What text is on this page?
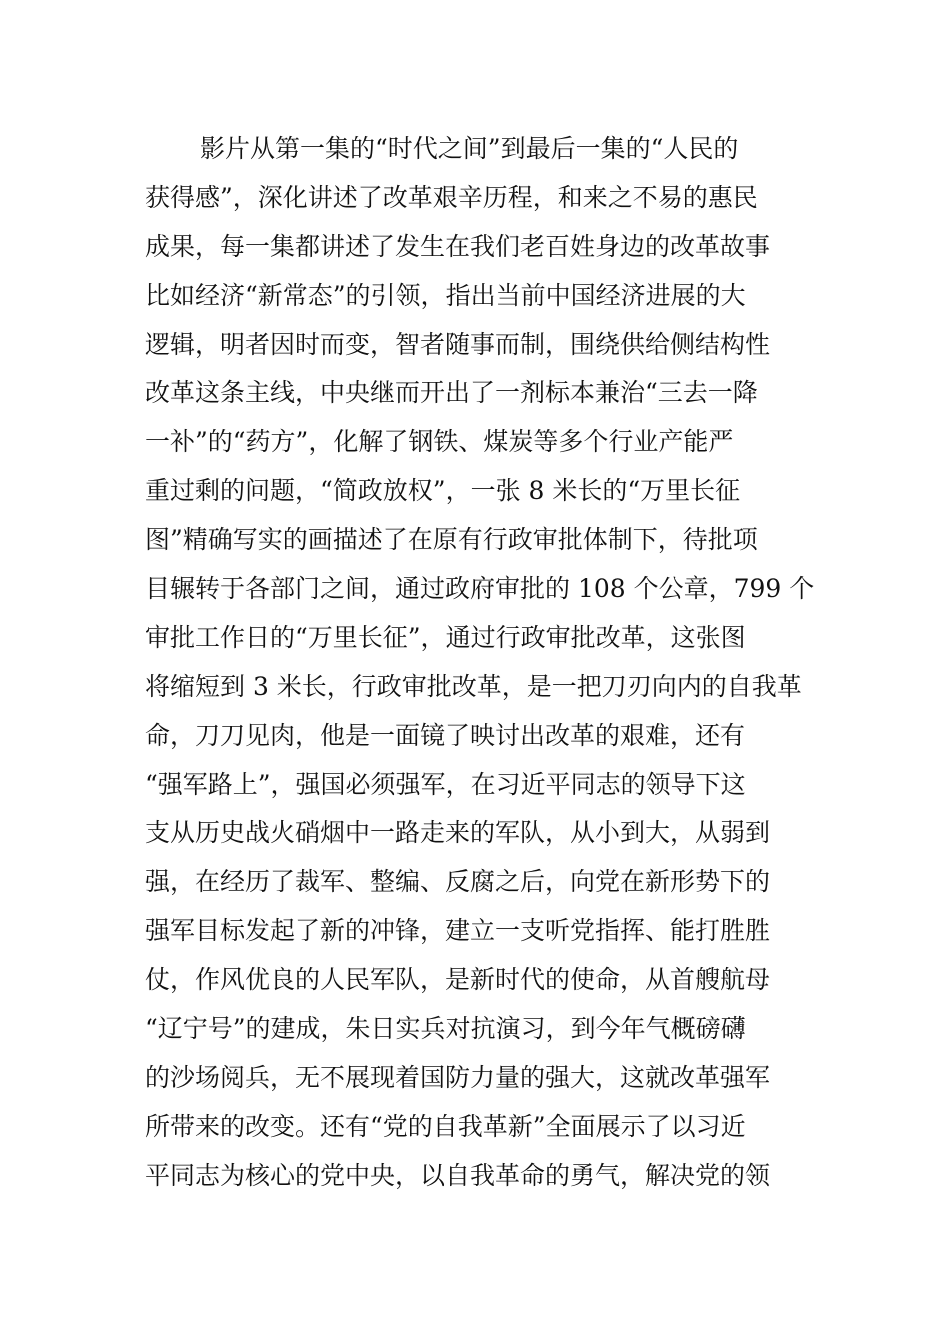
影片从第一集的“时代之间”到最后一集的“人民的
获得感”，深化讲述了改革艰辛历程，和来之不易的惠民
成果，每一集都讲述了发生在我们老百姓身边的改革故事
比如经济“新常态”的引领，指出当前中国经济进展的大
逻辑，明者因时而变，智者随事而制，围绕供给侧结构性
改革这条主线，中央继而开出了一剂标本兼治“三去一降
一补”的“药方”，化解了钢铁、煤炭等多个行业产能严
重过剩的问题，“简政放权”，一张 8 米长的“万里长征
图”精确写实的画描述了在原有行政审批体制下，待批项
目辗转于各部门之间，通过政府审批的 108 个公章，799 个
审批工作日的“万里长征”，通过行政审批改革，这张图
将缩短到 3 米长，行政审批改革，是一把刀刃向内的自我革
命，刀刀见肉，他是一面镜了映讨出改革的艰难，还有
“强军路上”，强国必须强军，在习近平同志的领导下这
支从历史战火硝烟中一路走来的军队，从小到大，从弱到
强，在经历了裁军、整编、反腐之后，向党在新形势下的
强军目标发起了新的冲锋，建立一支听党指挥、能打胜胜
仗，作风优良的人民军队，是新时代的使命，从首艘航母
“辽宁号”的建成，朱日实兵对抗演习，到今年气概磅礴
的沙场阅兵，无不展现着国防力量的强大，这就改革强军
所带来的改变。还有“党的自我革新”全面展示了以习近
平同志为核心的党中央，以自我革命的勇气，解决党的领
